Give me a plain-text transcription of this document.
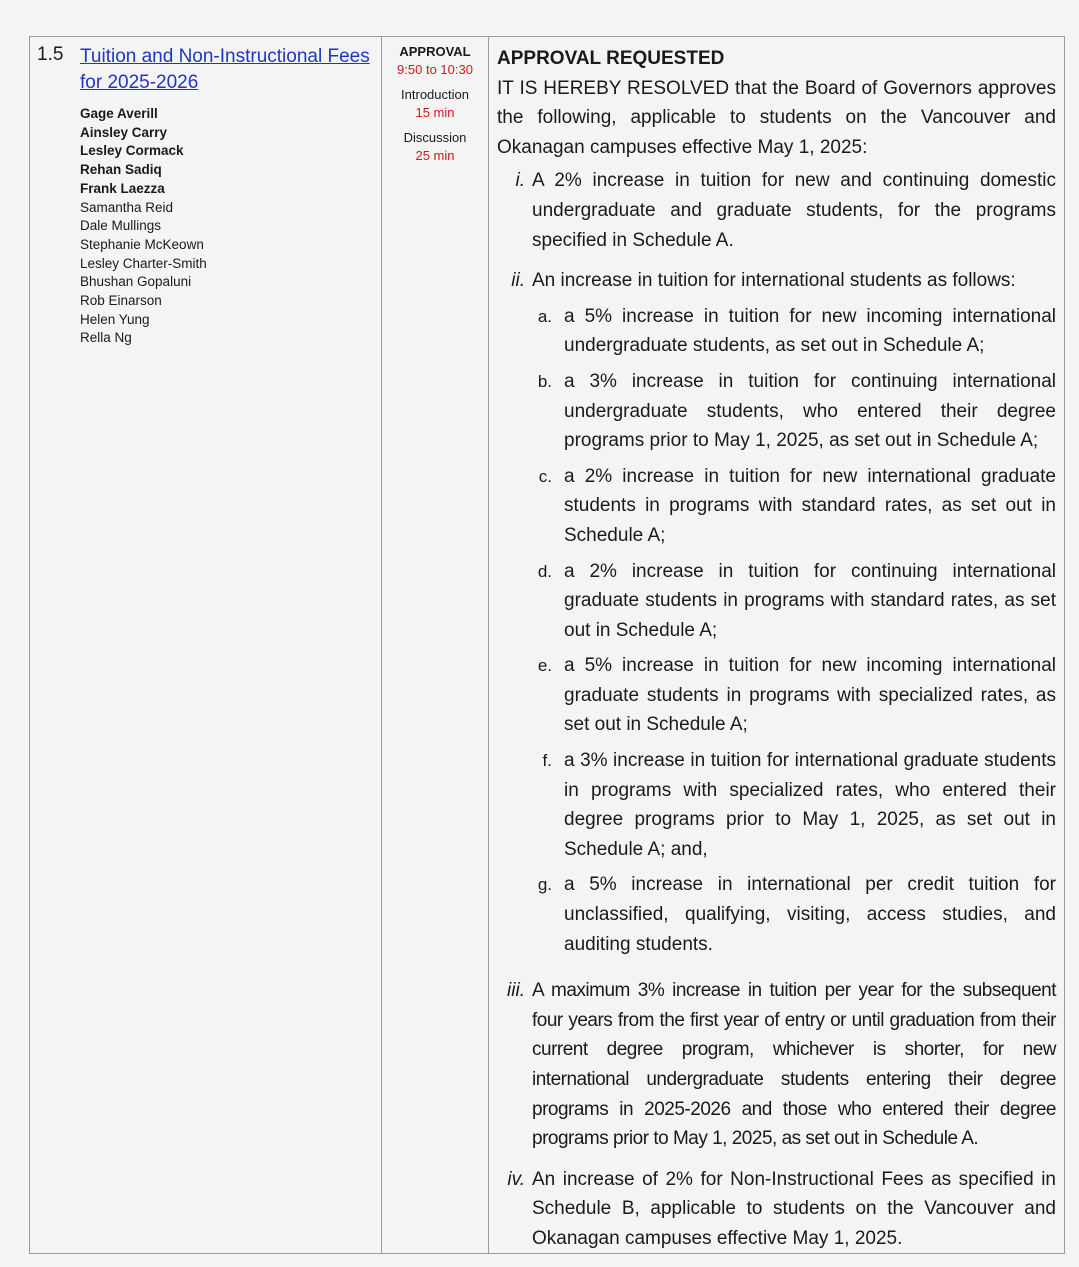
1.5 Tuition and Non-Instructional Fees for 2025-2026
Gage Averill
Ainsley Carry
Lesley Cormack
Rehan Sadiq
Frank Laezza
Samantha Reid
Dale Mullings
Stephanie McKeown
Lesley Charter-Smith
Bhushan Gopaluni
Rob Einarson
Helen Yung
Rella Ng
APPROVAL
9:50 to 10:30
Introduction
15 min
Discussion
25 min
APPROVAL REQUESTED
IT IS HEREBY RESOLVED that the Board of Governors approves the following, applicable to students on the Vancouver and Okanagan campuses effective May 1, 2025:
i. A 2% increase in tuition for new and continuing domestic undergraduate and graduate students, for the programs specified in Schedule A.
ii. An increase in tuition for international students as follows:
a. a 5% increase in tuition for new incoming international undergraduate students, as set out in Schedule A;
b. a 3% increase in tuition for continuing international undergraduate students, who entered their degree programs prior to May 1, 2025, as set out in Schedule A;
c. a 2% increase in tuition for new international graduate students in programs with standard rates, as set out in Schedule A;
d. a 2% increase in tuition for continuing international graduate students in programs with standard rates, as set out in Schedule A;
e. a 5% increase in tuition for new incoming international graduate students in programs with specialized rates, as set out in Schedule A;
f. a 3% increase in tuition for international graduate students in programs with specialized rates, who entered their degree programs prior to May 1, 2025, as set out in Schedule A; and,
g. a 5% increase in international per credit tuition for unclassified, qualifying, visiting, access studies, and auditing students.
iii. A maximum 3% increase in tuition per year for the subsequent four years from the first year of entry or until graduation from their current degree program, whichever is shorter, for new international undergraduate students entering their degree programs in 2025-2026 and those who entered their degree programs prior to May 1, 2025, as set out in Schedule A.
iv. An increase of 2% for Non-Instructional Fees as specified in Schedule B, applicable to students on the Vancouver and Okanagan campuses effective May 1, 2025.
